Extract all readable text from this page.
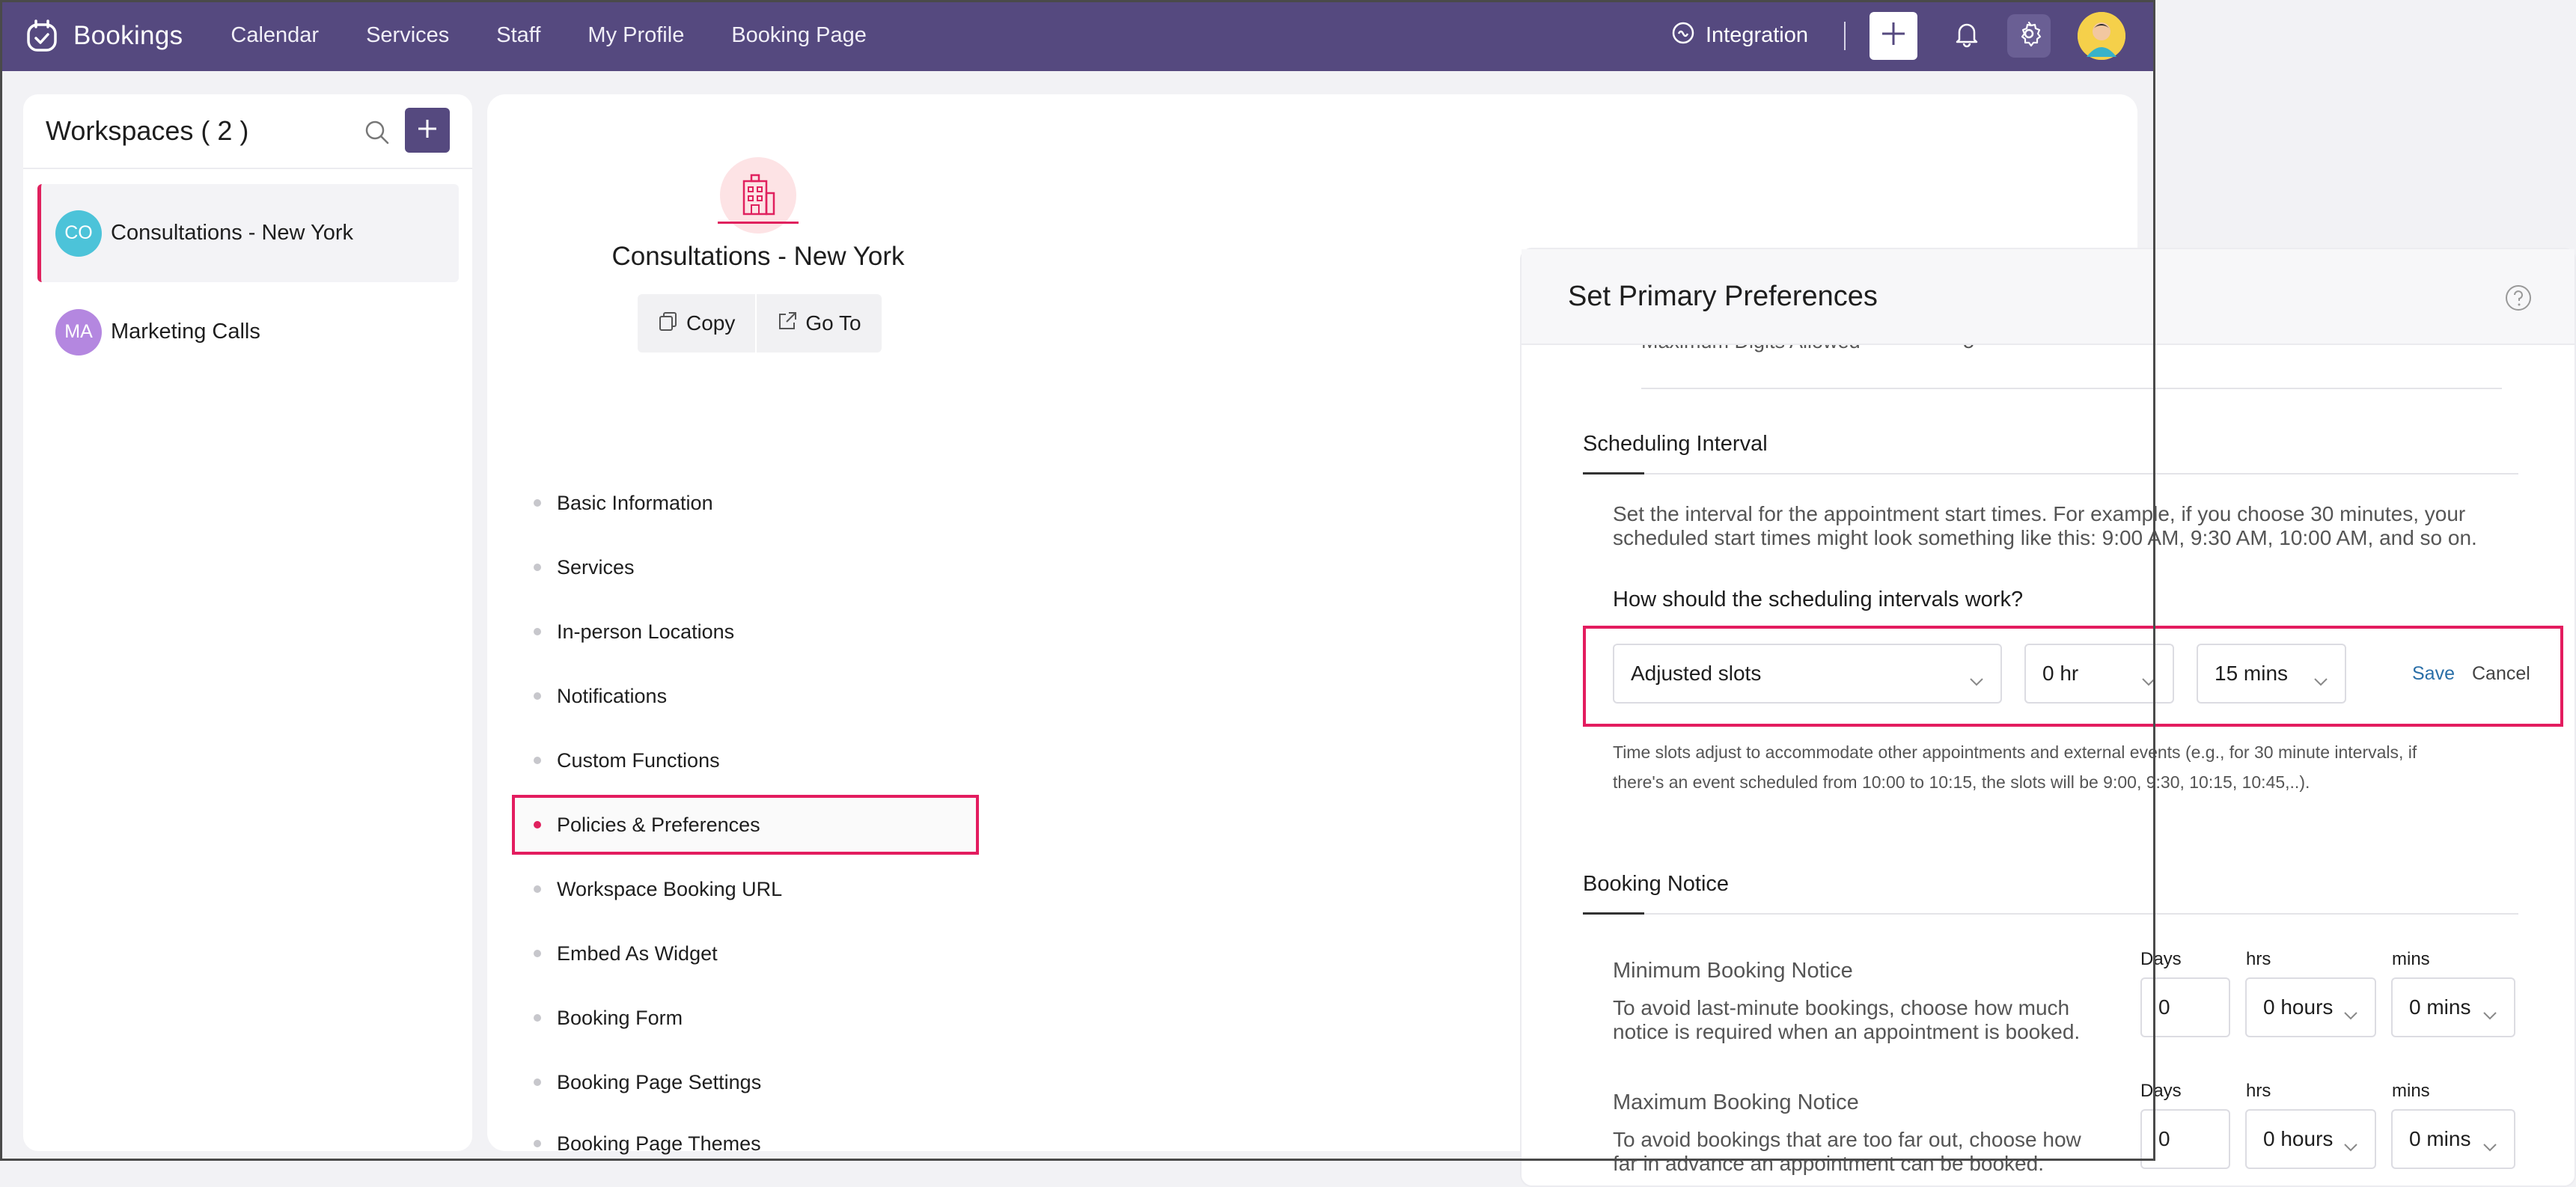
Bookings Calendar Services Staff My Profile Booking Page	Integration
Workspaces ( 2 )
CO Consultations - New York
MA Marketing Calls
Consultations - New York
Copy	Go To
Basic Information
Services
In-person Locations
Notifications
Custom Functions
Policies & Preferences
Workspace Booking URL
Embed As Widget
Booking Form
Booking Page Settings
Booking Page Themes
Set Primary Preferences
Scheduling Interval
Set the interval for the appointment start times. For example, if you choose 30 minutes, your
scheduled start times might look something like this: 9:00 AM, 9:30 AM, 10:00 AM, and so on.
How should the scheduling intervals work?
Adjusted slots	0 hr	15 mins	Save Cancel
Time slots adjust to accommodate other appointments and external events (e.g., for 30 minute intervals, if
there's an event scheduled from 10:00 to 10:15, the slots will be 9:00, 9:30, 10:15, 10:45,..).
Booking Notice
Minimum Booking Notice
To avoid last-minute bookings, choose how much
notice is required when an appointment is booked.
Days	hrs	mins
0	0 hours	0 mins
Maximum Booking Notice
To avoid bookings that are too far out, choose how
far in advance an appointment can be booked.
Days	hrs	mins
0	0 hours	0 mins
